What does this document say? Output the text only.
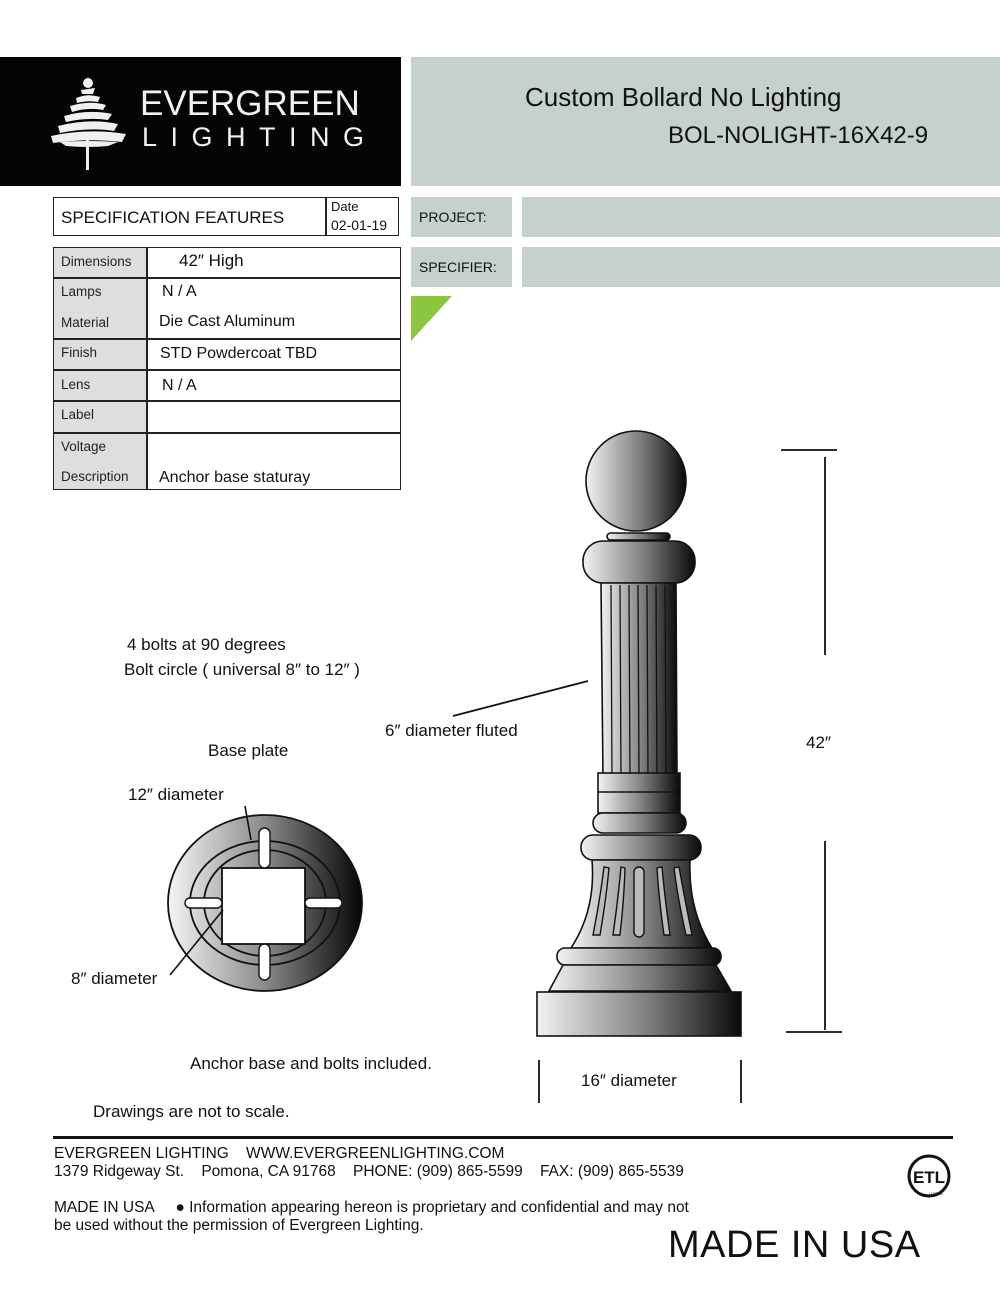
EVERGREEN
LIGHTING
Custom Bollard No Lighting
BOL-NOLIGHT-16X42-9
SPECIFICATION FEATURES
Date
02-01-19
Dimensions	42″ High
Lamps	N / A
Material	Die Cast Aluminum
Finish	STD Powdercoat TBD
Lens	N / A
Label
Voltage
Description Anchor base staturay
PROJECT:
SPECIFIER:
42″
16″ diameter
6″ diameter fluted
4 bolts at 90 degrees
Bolt circle ( universal 8″ to 12″ )
Base plate
12″ diameter
8″ diameter
Anchor base and bolts included.
Drawings are not to scale.
EVERGREEN LIGHTING    WWW.EVERGREENLIGHTING.COM
1379 Ridgeway St.    Pomona, CA 91768    PHONE: (909) 865-5599    FAX: (909) 865-5539
MADE IN USA     ● Information appearing hereon is proprietary and confidential and may not
be used without the permission of Evergreen Lighting.
ETL
LISTED
MADE IN USA
